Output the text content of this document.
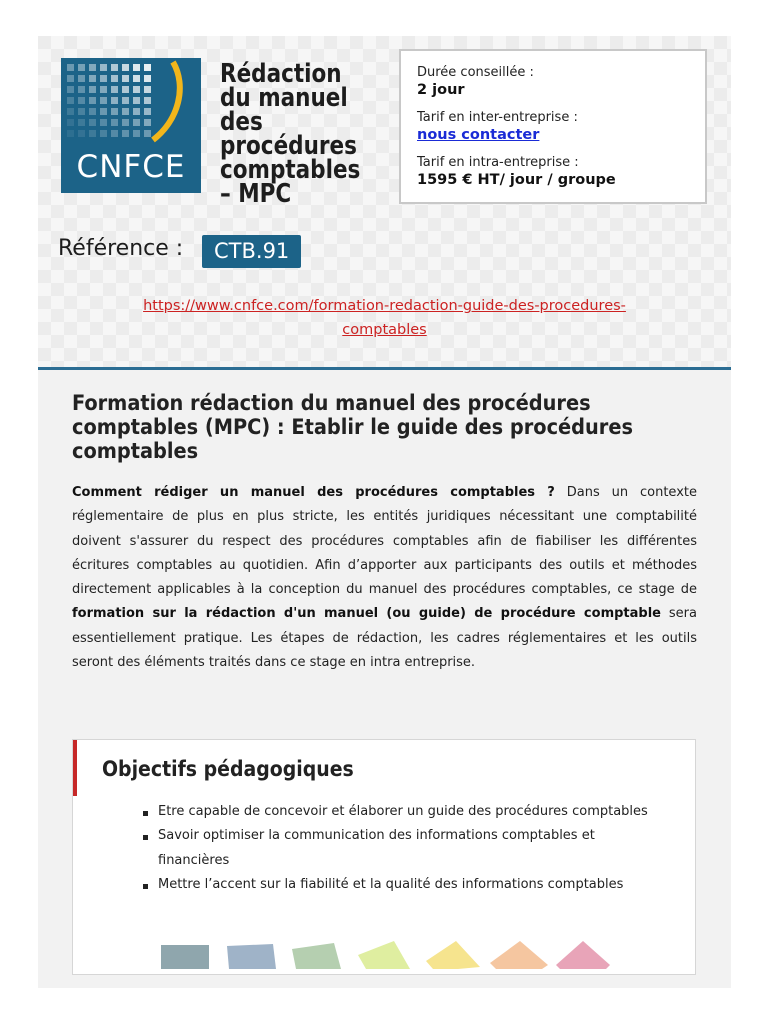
CNFCE
Rédaction
du manuel
des
procédures
comptables
– MPC
Durée conseillée :
2 jour
Tarif en inter-entreprise :
nous contacter
Tarif en intra-entreprise :
1595 € HT/ jour / groupe
Référence :	CTB.91
https://www.cnfce.com/formation-redaction-guide-des-procedures-
comptables
Formation rédaction du manuel des procédures comptables (MPC) : Etablir le guide des procédures comptables
Comment rédiger un manuel des procédures comptables ? Dans un contexte réglementaire de plus en plus stricte, les entités juridiques nécessitant une comptabilité doivent s'assurer du respect des procédures comptables afin de fiabiliser les différentes écritures comptables au quotidien. Afin d’apporter aux participants des outils et méthodes directement applicables à la conception du manuel des procédures comptables, ce stage de formation sur la rédaction d'un manuel (ou guide) de procédure comptable sera essentiellement pratique. Les étapes de rédaction, les cadres réglementaires et les outils seront des éléments traités dans ce stage en intra entreprise.
Objectifs pédagogiques
Etre capable de concevoir et élaborer un guide des procédures comptables
Savoir optimiser la communication des informations comptables et financières
Mettre l’accent sur la fiabilité et la qualité des informations comptables
